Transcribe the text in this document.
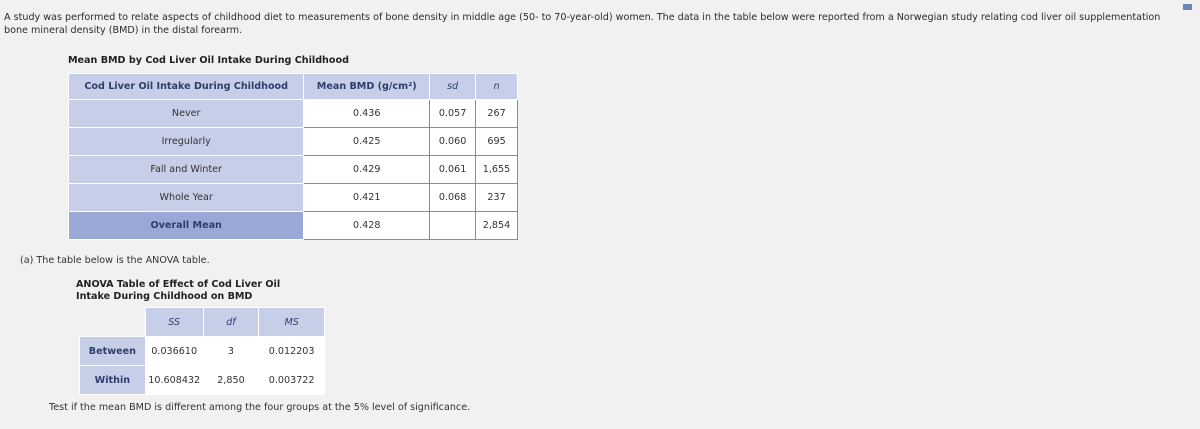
A study was performed to relate aspects of childhood diet to measurements of bone density in middle age (50- to 70-year-old) women. The data in the table below were reported from a Norwegian study relating cod liver oil supplementation
bone mineral density (BMD) in the distal forearm.
Mean BMD by Cod Liver Oil Intake During Childhood
Cod Liver Oil Intake During Childhood	Mean BMD (g/cm²)	sd	n
Never	0.436	0.057	267
Irregularly	0.425	0.060	695
Fall and Winter	0.429	0.061	1,655
Whole Year	0.421	0.068	237
Overall Mean	0.428		2,854
(a) The table below is the ANOVA table.
ANOVA Table of Effect of Cod Liver Oil
Intake During Childhood on BMD
	SS	df	MS
Between	0.036610	3	0.012203
Within	10.608432	2,850	0.003722
Test if the mean BMD is different among the four groups at the 5% level of significance.
